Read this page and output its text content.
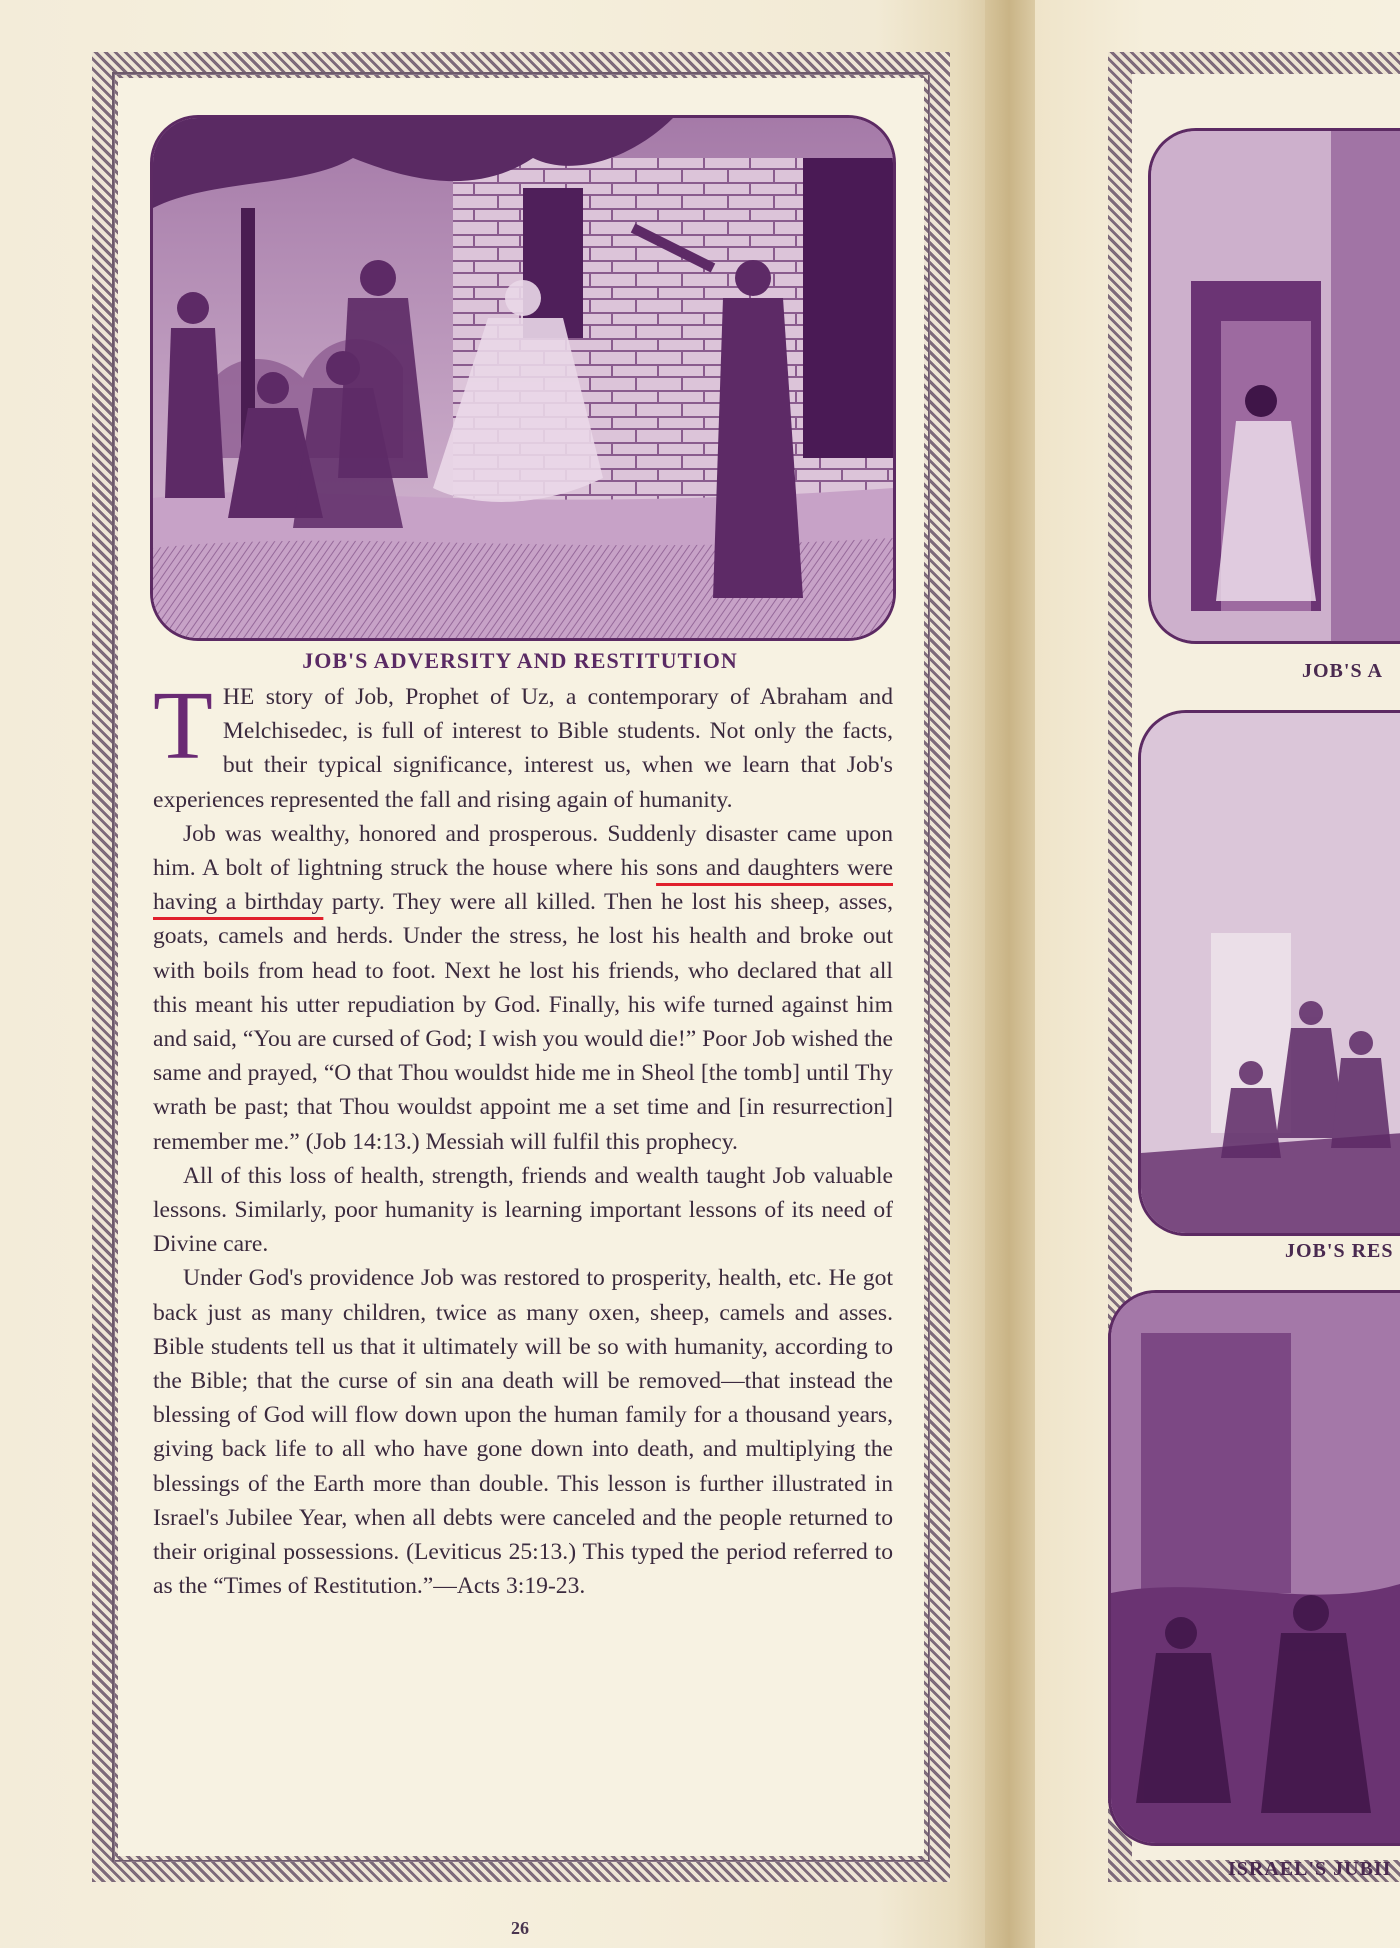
JOB'S ADVERSITY AND RESTITUTION

THE story of Job, Prophet of Uz, a contemporary of Abraham and Melchisedec, is full of interest to Bible students. Not only the facts, but their typical significance, interest us, when we learn that Job's experiences represented the fall and rising again of humanity.

Job was wealthy, honored and prosperous. Suddenly disaster came upon him. A bolt of lightning struck the house where his sons and daughters were having a birthday party. They were all killed. Then he lost his sheep, asses, goats, camels and herds. Under the stress, he lost his health and broke out with boils from head to foot. Next he lost his friends, who declared that all this meant his utter repudiation by God. Finally, his wife turned against him and said, “You are cursed of God; I wish you would die!” Poor Job wished the same and prayed, “O that Thou wouldst hide me in Sheol [the tomb] until Thy wrath be past; that Thou wouldst appoint me a set time and [in resurrection] remember me.” (Job 14:13.) Messiah will fulfil this prophecy.

All of this loss of health, strength, friends and wealth taught Job valuable lessons. Similarly, poor humanity is learning important lessons of its need of Divine care.

Under God's providence Job was restored to prosperity, health, etc. He got back just as many children, twice as many oxen, sheep, camels and asses. Bible students tell us that it ultimately will be so with humanity, according to the Bible; that the curse of sin ana death will be removed—that instead the blessing of God will flow down upon the human family for a thousand years, giving back life to all who have gone down into death, and multiplying the blessings of the Earth more than double. This lesson is further illustrated in Israel's Jubilee Year, when all debts were canceled and the people returned to their original possessions. (Leviticus 25:13.) This typed the period referred to as the “Times of Restitution.”—Acts 3:19-23.

26
JOB'S A
JOB'S RES
ISRAEL'S JUBII
